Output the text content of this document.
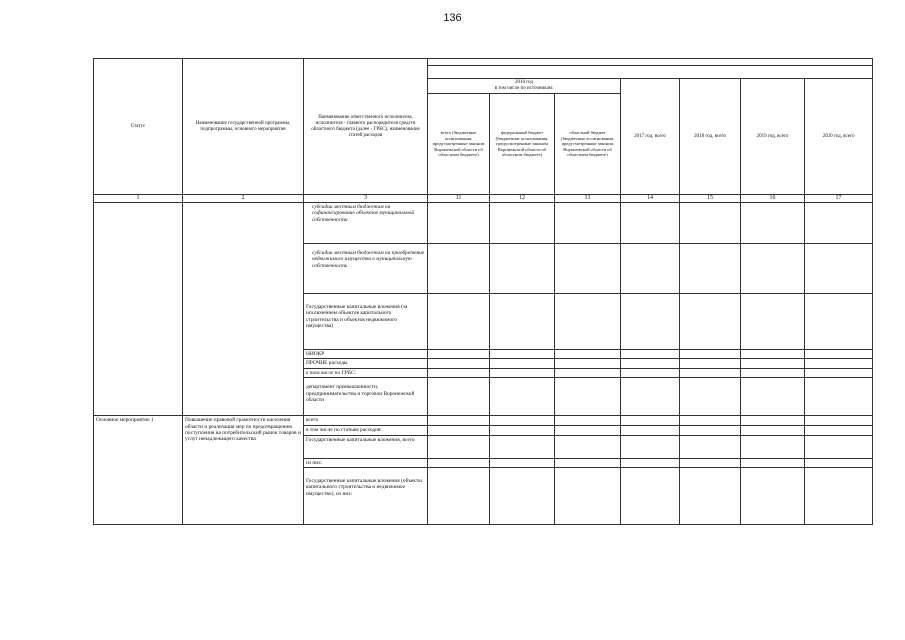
136
Статус	Наименование государственной программы, подпрограммы, основного мероприятия	Наименование ответственного исполнителя, исполнителя - главного распорядителя средств областного бюджета (далее - ГРБС), наименование статей расходов							

			2016 год
в том числе по источникам:			2017 год, всего	2018 год, всего	2019 год, всего	2020 год, всего
			всего (бюджетные ассигнования, предусмотренные законом Воронежской области об областном бюджете)	федеральный бюджет (бюджетные ассигнования, предусмотренные законом Воронежской области об областном бюджете)	областной бюджет (бюджетные ассигнования, предусмотренные законом Воронежской области об областном бюджете)				
1	2	3	11	12	13	14	15	16	17
		субсидии местным бюджетам на софинансирование объектов муниципальной собственности							
		субсидии местным бюджетам на приобретение недвижимого имущества в муниципальную собственность							
		Государственные капитальные вложения (за исключением объектов капитального строительства и объектов недвижимого имущества)							
		НИОКР							
		ПРОЧИЕ расходы							
		в том числе по ГРБС:							
		департамент промышленности, предпринимательства и торговли Воронежской области							
Основное мероприятие 1	Повышение правовой грамотности населения области и реализация мер по предотвращению поступления на потребительский рынок товаров и услуг ненадлежащего качества	всего							
		в том числе по статьям расходов:							
		Государственные капитальные вложения, всего							
		из них:							
		Государственные капитальные вложения (объекты капитального строительства и недвижимое имущество), из них:							
